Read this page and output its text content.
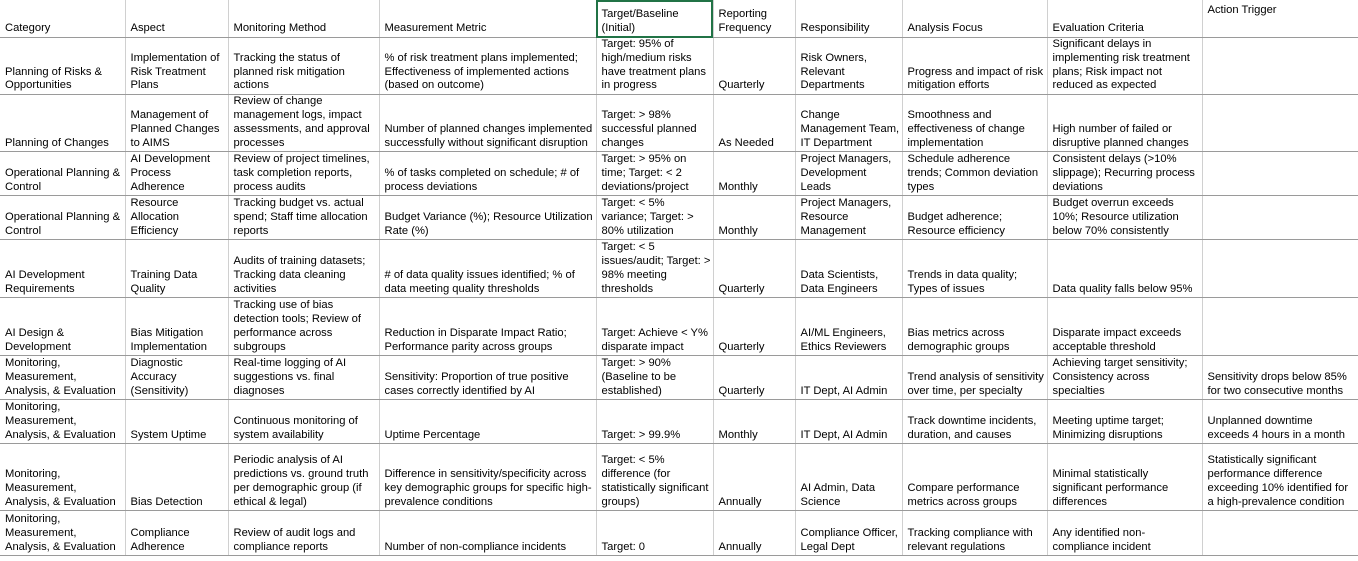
Category	Aspect	Monitoring Method	Measurement Metric	Target/Baseline (Initial)	Reporting Frequency	Responsibility	Analysis Focus	Evaluation Criteria	Action Trigger
Planning of Risks & Opportunities	Implementation of Risk Treatment Plans	Tracking the status of planned risk mitigation actions	% of risk treatment plans implemented; Effectiveness of implemented actions (based on outcome)	Target: 95% of high/medium risks have treatment plans in progress	Quarterly	Risk Owners, Relevant Departments	Progress and impact of risk mitigation efforts	Significant delays in implementing risk treatment plans; Risk impact not reduced as expected	
Planning of Changes	Management of Planned Changes to AIMS	Review of change management logs, impact assessments, and approval processes	Number of planned changes implemented successfully without significant disruption	Target: > 98% successful planned changes	As Needed	Change Management Team, IT Department	Smoothness and effectiveness of change implementation	High number of failed or disruptive planned changes	
Operational Planning & Control	AI Development Process Adherence	Review of project timelines, task completion reports, process audits	% of tasks completed on schedule; # of process deviations	Target: > 95% on time; Target: < 2 deviations/project	Monthly	Project Managers, Development Leads	Schedule adherence trends; Common deviation types	Consistent delays (>10% slippage); Recurring process deviations	
Operational Planning & Control	Resource Allocation Efficiency	Tracking budget vs. actual spend; Staff time allocation reports	Budget Variance (%); Resource Utilization Rate (%)	Target: < 5% variance; Target: > 80% utilization	Monthly	Project Managers, Resource Management	Budget adherence; Resource efficiency	Budget overrun exceeds 10%; Resource utilization below 70% consistently	
AI Development Requirements	Training Data Quality	Audits of training datasets; Tracking data cleaning activities	# of data quality issues identified; % of data meeting quality thresholds	Target: < 5 issues/audit; Target: > 98% meeting thresholds	Quarterly	Data Scientists, Data Engineers	Trends in data quality; Types of issues	Data quality falls below 95%	
AI Design & Development	Bias Mitigation Implementation	Tracking use of bias detection tools; Review of performance across subgroups	Reduction in Disparate Impact Ratio; Performance parity across groups	Target: Achieve < Y% disparate impact	Quarterly	AI/ML Engineers, Ethics Reviewers	Bias metrics across demographic groups	Disparate impact exceeds acceptable threshold	
Monitoring, Measurement, Analysis, & Evaluation	Diagnostic Accuracy (Sensitivity)	Real-time logging of AI suggestions vs. final diagnoses	Sensitivity: Proportion of true positive cases correctly identified by AI	Target: > 90% (Baseline to be established)	Quarterly	IT Dept, AI Admin	Trend analysis of sensitivity over time, per specialty	Achieving target sensitivity; Consistency across specialties	Sensitivity drops below 85% for two consecutive months
Monitoring, Measurement, Analysis, & Evaluation	System Uptime	Continuous monitoring of system availability	Uptime Percentage	Target: > 99.9%	Monthly	IT Dept, AI Admin	Track downtime incidents, duration, and causes	Meeting uptime target; Minimizing disruptions	Unplanned downtime exceeds 4 hours in a month
Monitoring, Measurement, Analysis, & Evaluation	Bias Detection	Periodic analysis of AI predictions vs. ground truth per demographic group (if ethical & legal)	Difference in sensitivity/specificity across key demographic groups for specific high-prevalence conditions	Target: < 5% difference (for statistically significant groups)	Annually	AI Admin, Data Science	Compare performance metrics across groups	Minimal statistically significant performance differences	Statistically significant performance difference exceeding 10% identified for a high-prevalence condition
Monitoring, Measurement, Analysis, & Evaluation	Compliance Adherence	Review of audit logs and compliance reports	Number of non-compliance incidents	Target: 0	Annually	Compliance Officer, Legal Dept	Tracking compliance with relevant regulations	Any identified non-compliance incident	
